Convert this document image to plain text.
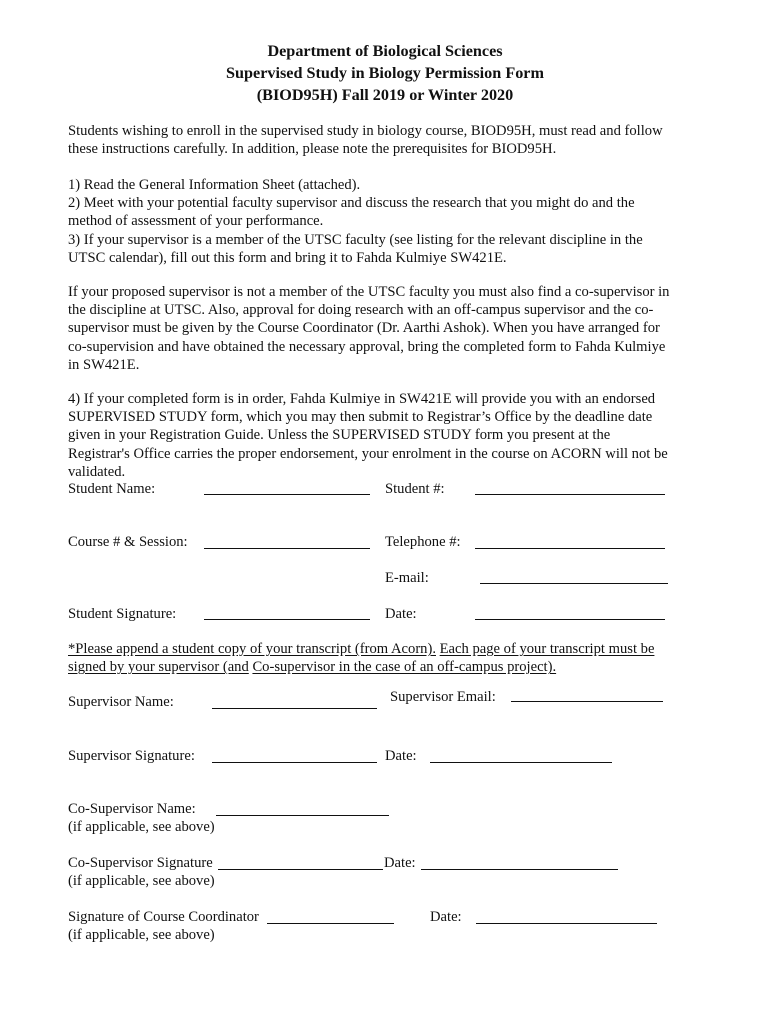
Department of Biological Sciences
Supervised Study in Biology Permission Form
(BIOD95H) Fall 2019 or Winter 2020
Students wishing to enroll in the supervised study in biology course, BIOD95H, must read and follow
these instructions carefully. In addition, please note the prerequisites for BIOD95H.
1) Read the General Information Sheet (attached).
2) Meet with your potential faculty supervisor and discuss the research that you might do and the
method of assessment of your performance.
3) If your supervisor is a member of the UTSC faculty (see listing for the relevant discipline in the
UTSC calendar), fill out this form and bring it to Fahda Kulmiye SW421E.
If your proposed supervisor is not a member of the UTSC faculty you must also find a co-supervisor in
the discipline at UTSC. Also, approval for doing research with an off-campus supervisor and the co-
supervisor must be given by the Course Coordinator (Dr. Aarthi Ashok). When you have arranged for
co-supervision and have obtained the necessary approval, bring the completed form to Fahda Kulmiye
in SW421E.
4) If your completed form is in order, Fahda Kulmiye in SW421E will provide you with an endorsed
SUPERVISED STUDY form, which you may then submit to Registrar’s Office by the deadline date
given in your Registration Guide. Unless the SUPERVISED STUDY form you present at the
Registrar's Office carries the proper endorsement, your enrolment in the course on ACORN will not be
validated.
Student Name:	Student #:
Course # & Session:	Telephone #:
E-mail:
Student Signature:	Date:
*Please append a student copy of your transcript (from Acorn). Each page of your transcript must be
signed by your supervisor (and Co-supervisor in the case of an off-campus project).
Supervisor Name:	Supervisor Email:
Supervisor Signature:	Date:
Co-Supervisor Name:
(if applicable, see above)
Co-Supervisor Signature	Date:
(if applicable, see above)
Signature of Course Coordinator	Date:
(if applicable, see above)
